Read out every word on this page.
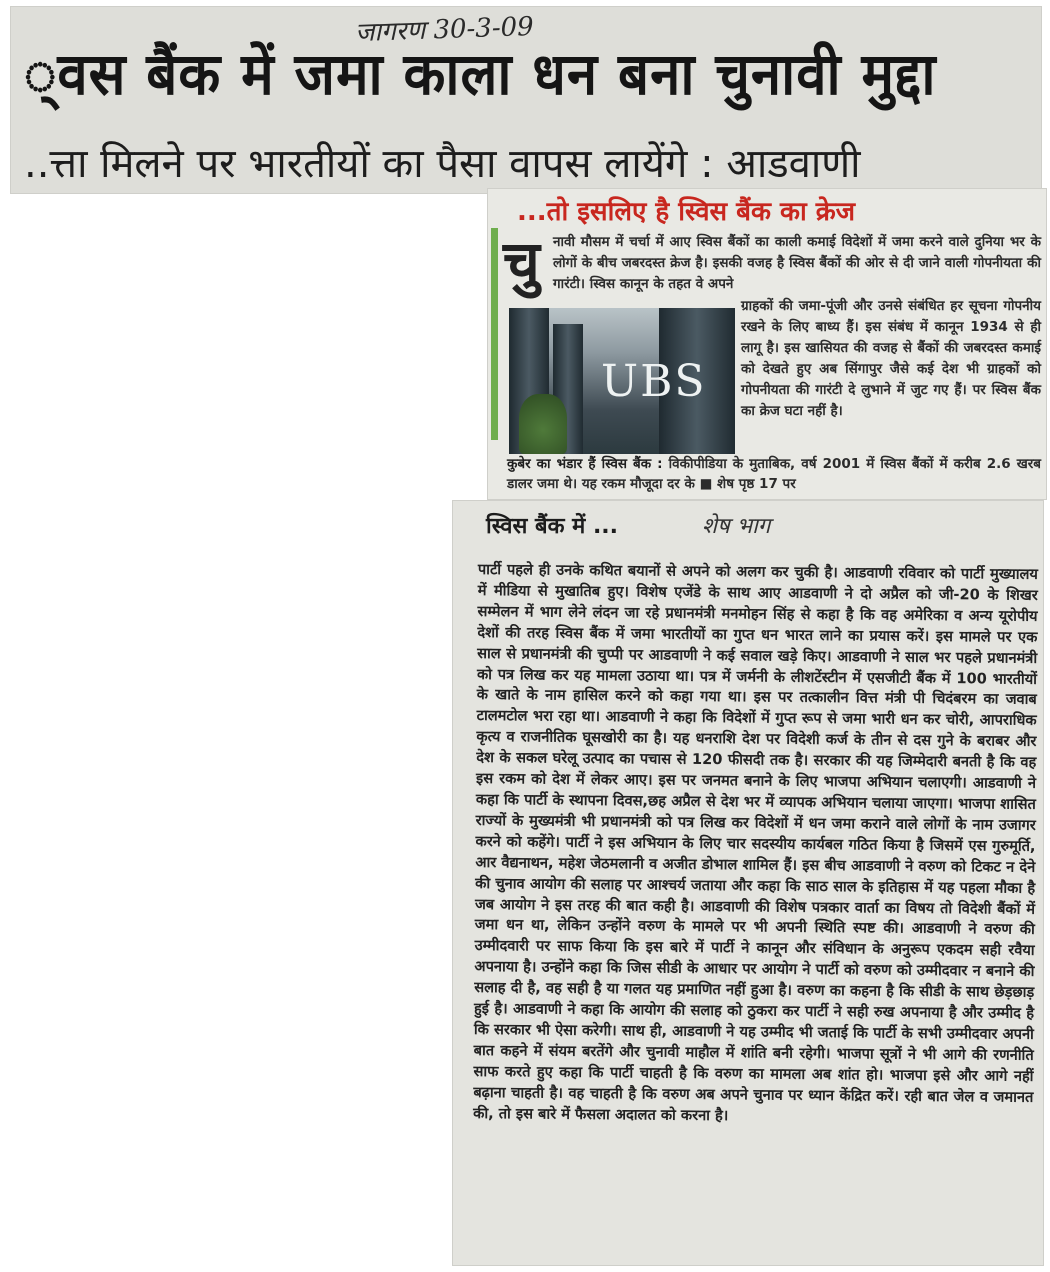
जागरण 30-3-09
्वस बैंक में जमा काला धन बना चुनावी मुद्दा
..त्ता मिलने पर भारतीयों का पैसा वापस लायेंगे : आडवाणी
...तो इसलिए है स्विस बैंक का क्रेज
चु नावी मौसम में चर्चा में आए स्विस बैंकों का काली कमाई विदेशों में जमा करने वाले दुनिया भर के लोगों के बीच जबरदस्त क्रेज है। इसकी वजह है स्विस बैंकों की ओर से दी जाने वाली गोपनीयता की गारंटी। स्विस कानून के तहत वे अपने
UBS
ग्राहकों की जमा-पूंजी और उनसे संबंधित हर सूचना गोपनीय रखने के लिए बाध्य हैं। इस संबंध में कानून 1934 से ही लागू है। इस खासियत की वजह से बैंकों की जबरदस्त कमाई को देखते हुए अब सिंगापुर जैसे कई देश भी ग्राहकों को गोपनीयता की गारंटी दे लुभाने में जुट गए हैं। पर स्विस बैंक का क्रेज घटा नहीं है।
कुबेर का भंडार हैं स्विस बैंक : विकीपीडिया के मुताबिक, वर्ष 2001 में स्विस बैंकों में करीब 2.6 खरब डालर जमा थे। यह रकम मौजूदा दर के ■ शेष पृष्ठ 17 पर
स्विस बैंक में ...	शेष भाग
पार्टी पहले ही उनके कथित बयानों से अपने को अलग कर चुकी है। आडवाणी रविवार को पार्टी मुख्यालय में मीडिया से मुखातिब हुए। विशेष एजेंडे के साथ आए आडवाणी ने दो अप्रैल को जी-20 के शिखर सम्मेलन में भाग लेने लंदन जा रहे प्रधानमंत्री मनमोहन सिंह से कहा है कि वह अमेरिका व अन्य यूरोपीय देशों की तरह स्विस बैंक में जमा भारतीयों का गुप्त धन भारत लाने का प्रयास करें। इस मामले पर एक साल से प्रधानमंत्री की चुप्पी पर आडवाणी ने कई सवाल खड़े किए। आडवाणी ने साल भर पहले प्रधानमंत्री को पत्र लिख कर यह मामला उठाया था। पत्र में जर्मनी के लीशटेंस्टीन में एसजीटी बैंक में 100 भारतीयों के खाते के नाम हासिल करने को कहा गया था। इस पर तत्कालीन वित्त मंत्री पी चिदंबरम का जवाब टालमटोल भरा रहा था। आडवाणी ने कहा कि विदेशों में गुप्त रूप से जमा भारी धन कर चोरी, आपराधिक कृत्य व राजनीतिक घूसखोरी का है। यह धनराशि देश पर विदेशी कर्ज के तीन से दस गुने के बराबर और देश के सकल घरेलू उत्पाद का पचास से 120 फीसदी तक है। सरकार की यह जिम्मेदारी बनती है कि वह इस रकम को देश में लेकर आए। इस पर जनमत बनाने के लिए भाजपा अभियान चलाएगी। आडवाणी ने कहा कि पार्टी के स्थापना दिवस,छह अप्रैल से देश भर में व्यापक अभियान चलाया जाएगा। भाजपा शासित राज्यों के मुख्यमंत्री भी प्रधानमंत्री को पत्र लिख कर विदेशों में धन जमा कराने वाले लोगों के नाम उजागर करने को कहेंगे। पार्टी ने इस अभियान के लिए चार सदस्यीय कार्यबल गठित किया है जिसमें एस गुरुमूर्ति, आर वैद्यनाथन, महेश जेठमलानी व अजीत डोभाल शामिल हैं। इस बीच आडवाणी ने वरुण को टिकट न देने की चुनाव आयोग की सलाह पर आश्चर्य जताया और कहा कि साठ साल के इतिहास में यह पहला मौका है जब आयोग ने इस तरह की बात कही है। आडवाणी की विशेष पत्रकार वार्ता का विषय तो विदेशी बैंकों में जमा धन था, लेकिन उन्होंने वरुण के मामले पर भी अपनी स्थिति स्पष्ट की। आडवाणी ने वरुण की उम्मीदवारी पर साफ किया कि इस बारे में पार्टी ने कानून और संविधान के अनुरूप एकदम सही रवैया अपनाया है। उन्होंने कहा कि जिस सीडी के आधार पर आयोग ने पार्टी को वरुण को उम्मीदवार न बनाने की सलाह दी है, वह सही है या गलत यह प्रमाणित नहीं हुआ है। वरुण का कहना है कि सीडी के साथ छेड़छाड़ हुई है। आडवाणी ने कहा कि आयोग की सलाह को ठुकरा कर पार्टी ने सही रुख अपनाया है और उम्मीद है कि सरकार भी ऐसा करेगी। साथ ही, आडवाणी ने यह उम्मीद भी जताई कि पार्टी के सभी उम्मीदवार अपनी बात कहने में संयम बरतेंगे और चुनावी माहौल में शांति बनी रहेगी। भाजपा सूत्रों ने भी आगे की रणनीति साफ करते हुए कहा कि पार्टी चाहती है कि वरुण का मामला अब शांत हो। भाजपा इसे और आगे नहीं बढ़ाना चाहती है। वह चाहती है कि वरुण अब अपने चुनाव पर ध्यान केंद्रित करें। रही बात जेल व जमानत की, तो इस बारे में फैसला अदालत को करना है।
